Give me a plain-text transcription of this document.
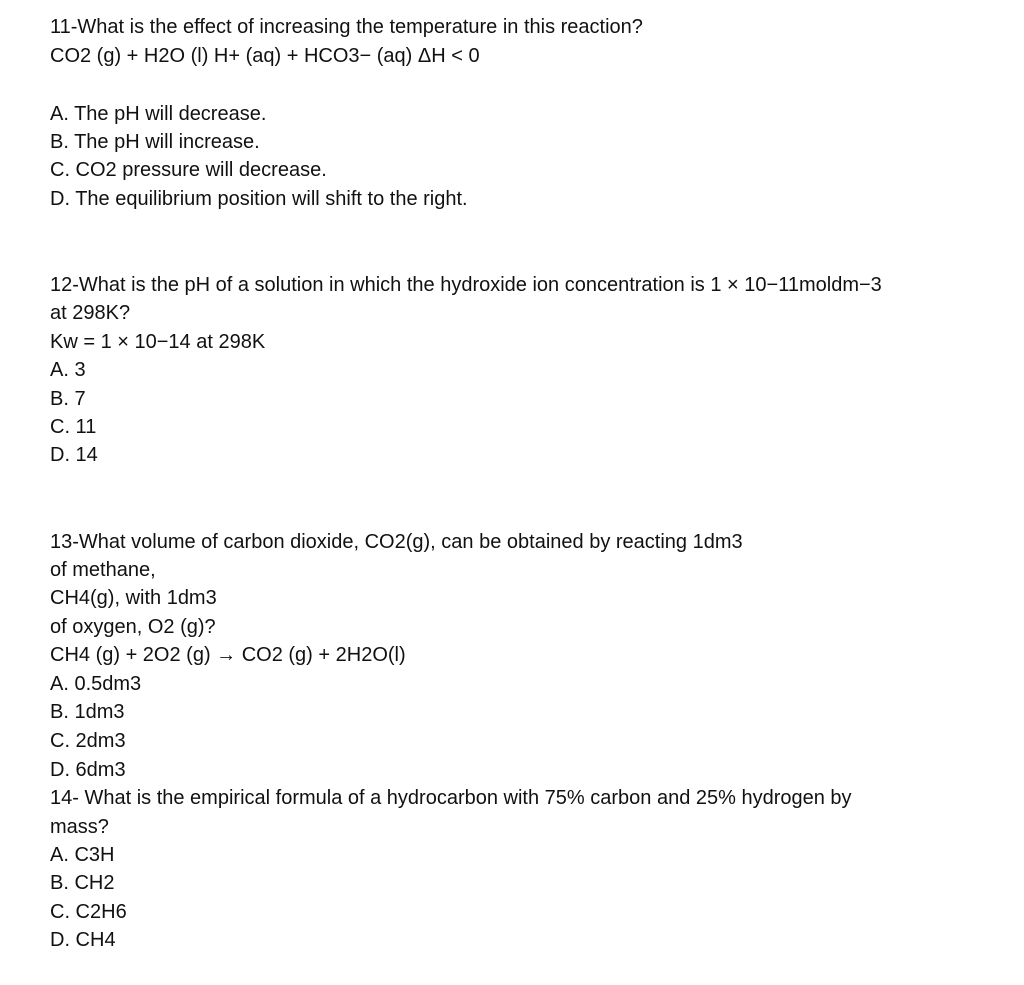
11-What is the effect of increasing the temperature in this reaction?
CO2 (g) + H2O (l) H+ (aq) + HCO3− (aq) ΔH < 0
A. The pH will decrease.
B. The pH will increase.
C. CO2 pressure will decrease.
D. The equilibrium position will shift to the right.
12-What is the pH of a solution in which the hydroxide ion concentration is 1 × 10−11moldm−3
at 298K?
Kw = 1 × 10−14 at 298K
A. 3
B. 7
C. 11
D. 14
13-What volume of carbon dioxide, CO2(g), can be obtained by reacting 1dm3
of methane,
CH4(g), with 1dm3
of oxygen, O2 (g)?
CH4 (g) + 2O2 (g) → CO2 (g) + 2H2O(l)
A. 0.5dm3
B. 1dm3
C. 2dm3
D. 6dm3
14- What is the empirical formula of a hydrocarbon with 75% carbon and 25% hydrogen by
mass?
A. C3H
B. CH2
C. C2H6
D. CH4
